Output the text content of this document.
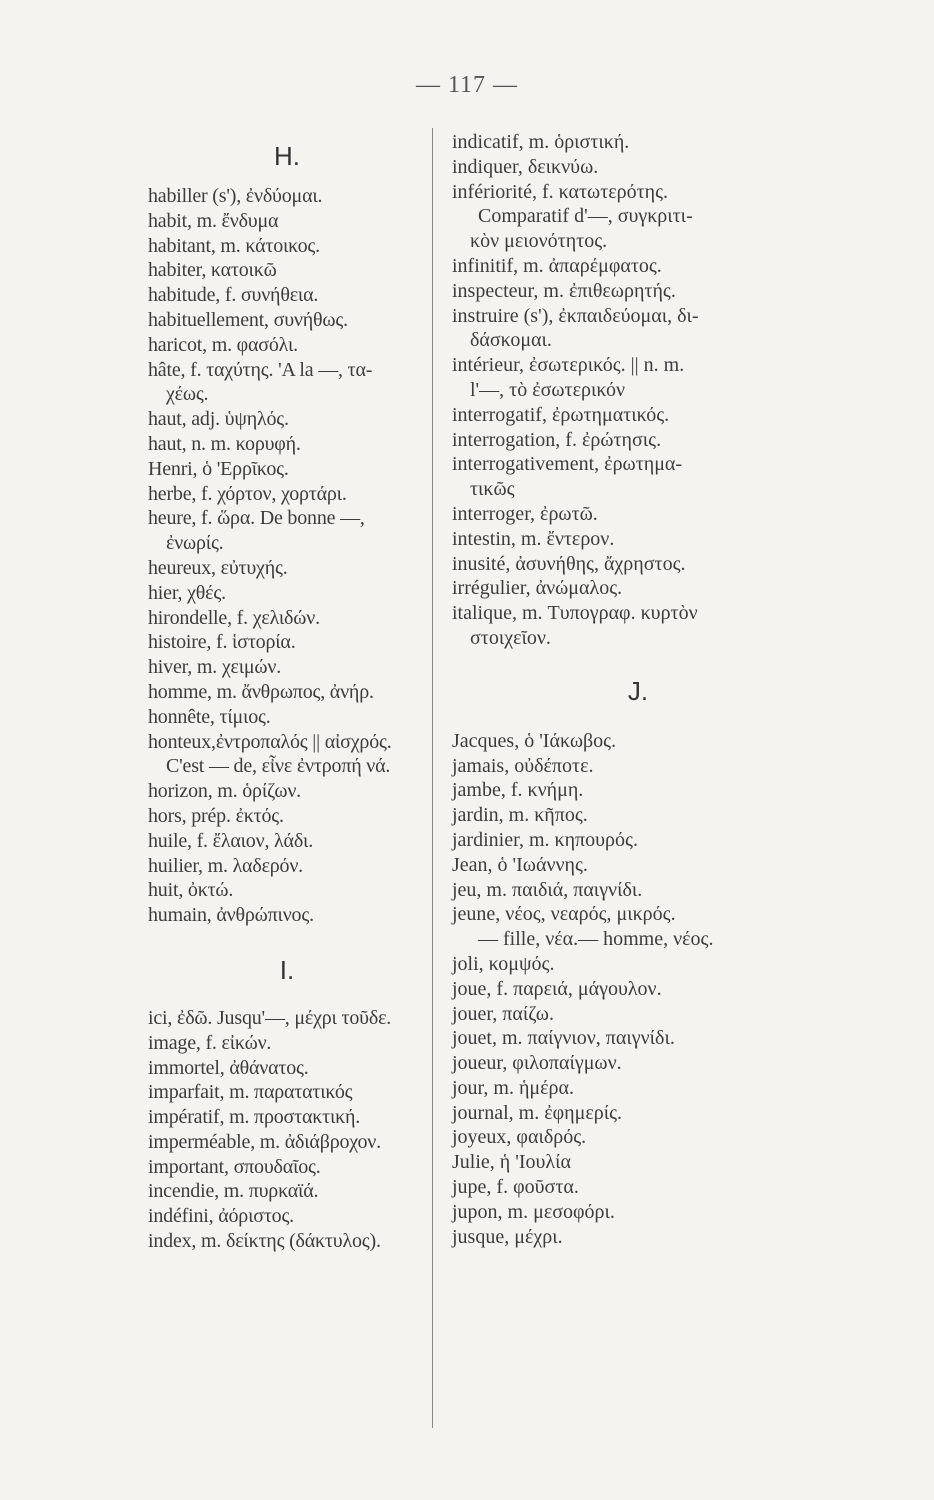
— 117 —
H.
habiller (s'), ἐνδύομαι.
habit, m. ἔνδυμα
habitant, m. κάτοικος.
habiter, κατοικῶ
habitude, f. συνήθεια.
habituellement, συνήθως.
haricot, m. φασόλι.
hâte, f. ταχύτης. 'A la —, τα-
χέως.
haut, adj. ὑψηλός.
haut, n. m. κορυφή.
Henri, ὁ 'Ερρῖκος.
herbe, f. χόρτον, χορτάρι.
heure, f. ὥρα. De bonne —,
ἐνωρίς.
heureux, εὐτυχής.
hier, χθές.
hirondelle, f. χελιδών.
histoire, f. ἱστορία.
hiver, m. χειμών.
homme, m. ἄνθρωπος, ἀνήρ.
honnête, τίμιος.
honteux,ἐντροπαλός || αἰσχρός.
C'est — de, εἶνε ἐντροπή νά.
horizon, m. ὁρίζων.
hors, prép. ἐκτός.
huile, f. ἔλαιον, λάδι.
huilier, m. λαδερόν.
huit, ὀκτώ.
humain, ἀνθρώπινος.
I.
ici, ἐδῶ. Jusqu'—, μέχρι τοῦδε.
image, f. εἰκών.
immortel, ἀθάνατος.
imparfait, m. παρατατικός
impératif, m. προστακτική.
imperméable, m. ἀδιάβροχον.
important, σπουδαῖος.
incendie, m. πυρκαϊά.
indéfini, ἀόριστος.
index, m. δείκτης (δάκτυλος).
indicatif, m. ὁριστική.
indiquer, δεικνύω.
infériorité, f. κατωτερότης.
Comparatif d'—, συγκριτι-
κὸν μειονότητος.
infinitif, m. ἀπαρέμφατος.
inspecteur, m. ἐπιθεωρητής.
instruire (s'), ἐκπαιδεύομαι, δι-
δάσκομαι.
intérieur, ἐσωτερικός. || n. m.
l'—, τὸ ἐσωτερικόν
interrogatif, ἐρωτηματικός.
interrogation, f. ἐρώτησις.
interrogativement, ἐρωτημα-
τικῶς
interroger, ἐρωτῶ.
intestin, m. ἔντερον.
inusité, ἀσυνήθης, ἄχρηστος.
irrégulier, ἀνώμαλος.
italique, m. Τυπογραφ. κυρτὸν
στοιχεῖον.
J.
Jacques, ὁ 'Ιάκωβος.
jamais, οὐδέποτε.
jambe, f. κνήμη.
jardin, m. κῆπος.
jardinier, m. κηπουρός.
Jean, ὁ 'Ιωάννης.
jeu, m. παιδιά, παιγνίδι.
jeune, νέος, νεαρός, μικρός.
— fille, νέα.— homme, νέος.
joli, κομψός.
joue, f. παρειά, μάγουλον.
jouer, παίζω.
jouet, m. παίγνιον, παιγνίδι.
joueur, φιλοπαίγμων.
jour, m. ἡμέρα.
journal, m. ἐφημερίς.
joyeux, φαιδρός.
Julie, ἡ 'Ιουλία
jupe, f. φοῦστα.
jupon, m. μεσοφόρι.
jusque, μέχρι.
